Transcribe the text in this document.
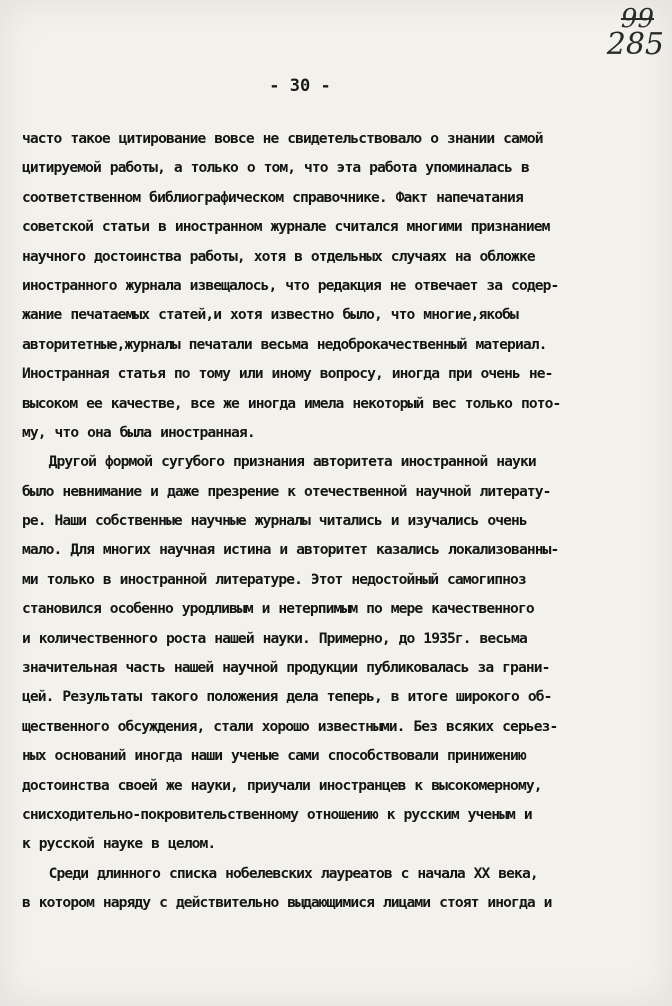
99
285
- 30 -
часто такое цитирование вовсе не свидетельствовало о знании самой
цитируемой работы, а только о том, что эта работа упоминалась в
соответственном библиографическом справочнике. Факт напечатания
советской статьи в иностранном журнале считался многими признанием
научного достоинства работы, хотя в отдельных случаях на обложке
иностранного журнала извещалось, что редакция не отвечает за содер-
жание печатаемых статей,и хотя известно было, что многие,якобы
авторитетные,журналы печатали весьма недоброкачественный материал.
Иностранная статья по тому или иному вопросу, иногда при очень не-
высоком ее качестве, все же иногда имела некоторый вес только пото-
му, что она была иностранная.
Другой формой сугубого признания авторитета иностранной науки
было невнимание и даже презрение к отечественной научной литерату-
ре. Наши собственные научные журналы читались и изучались очень
мало. Для многих научная истина и авторитет казались локализованны-
ми только в иностранной литературе. Этот недостойный самогипноз
становился особенно уродливым и нетерпимым по мере качественного
и количественного роста нашей науки. Примерно, до 1935г. весьма
значительная часть нашей научной продукции публиковалась за грани-
цей. Результаты такого положения дела теперь, в итоге широкого об-
щественного обсуждения, стали хорошо известными. Без всяких серьез-
ных оснований иногда наши ученые сами способствовали принижению
достоинства своей же науки, приучали иностранцев к высокомерному,
снисходительно-покровительственному отношению к русским ученым и
к русской науке в целом.
Среди длинного списка нобелевских лауреатов с начала XX века,
в котором наряду с действительно выдающимися лицами стоят иногда и
